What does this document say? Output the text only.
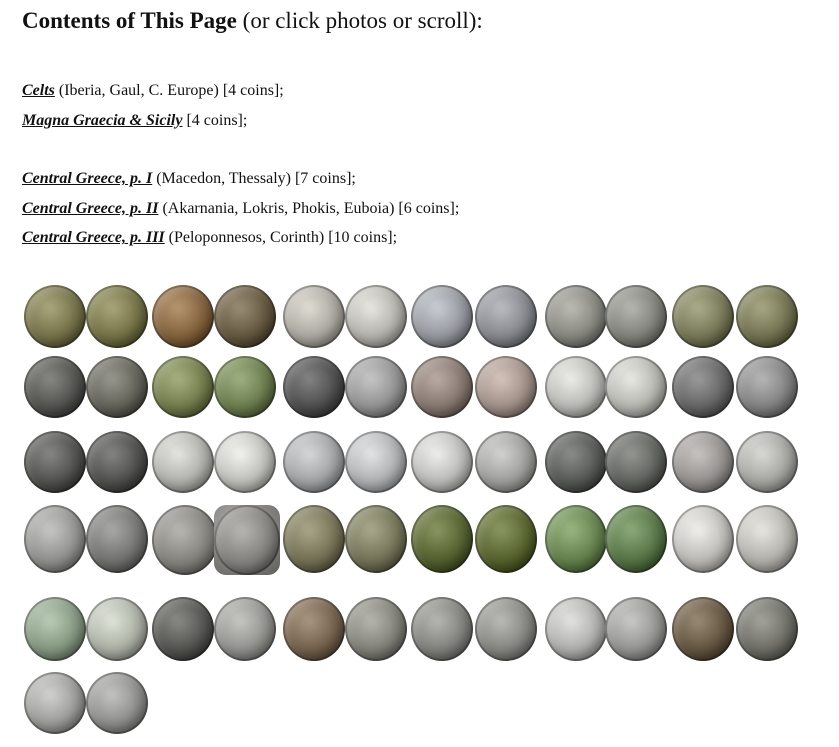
Contents of This Page (or click photos or scroll):
Celts (Iberia, Gaul, C. Europe) [4 coins];
Magna Graecia & Sicily [4 coins];
Central Greece, p. I (Macedon, Thessaly) [7 coins];
Central Greece, p. II (Akarnania, Lokris, Phokis, Euboia) [6 coins];
Central Greece, p. III (Peloponnesos, Corinth) [10 coins];
